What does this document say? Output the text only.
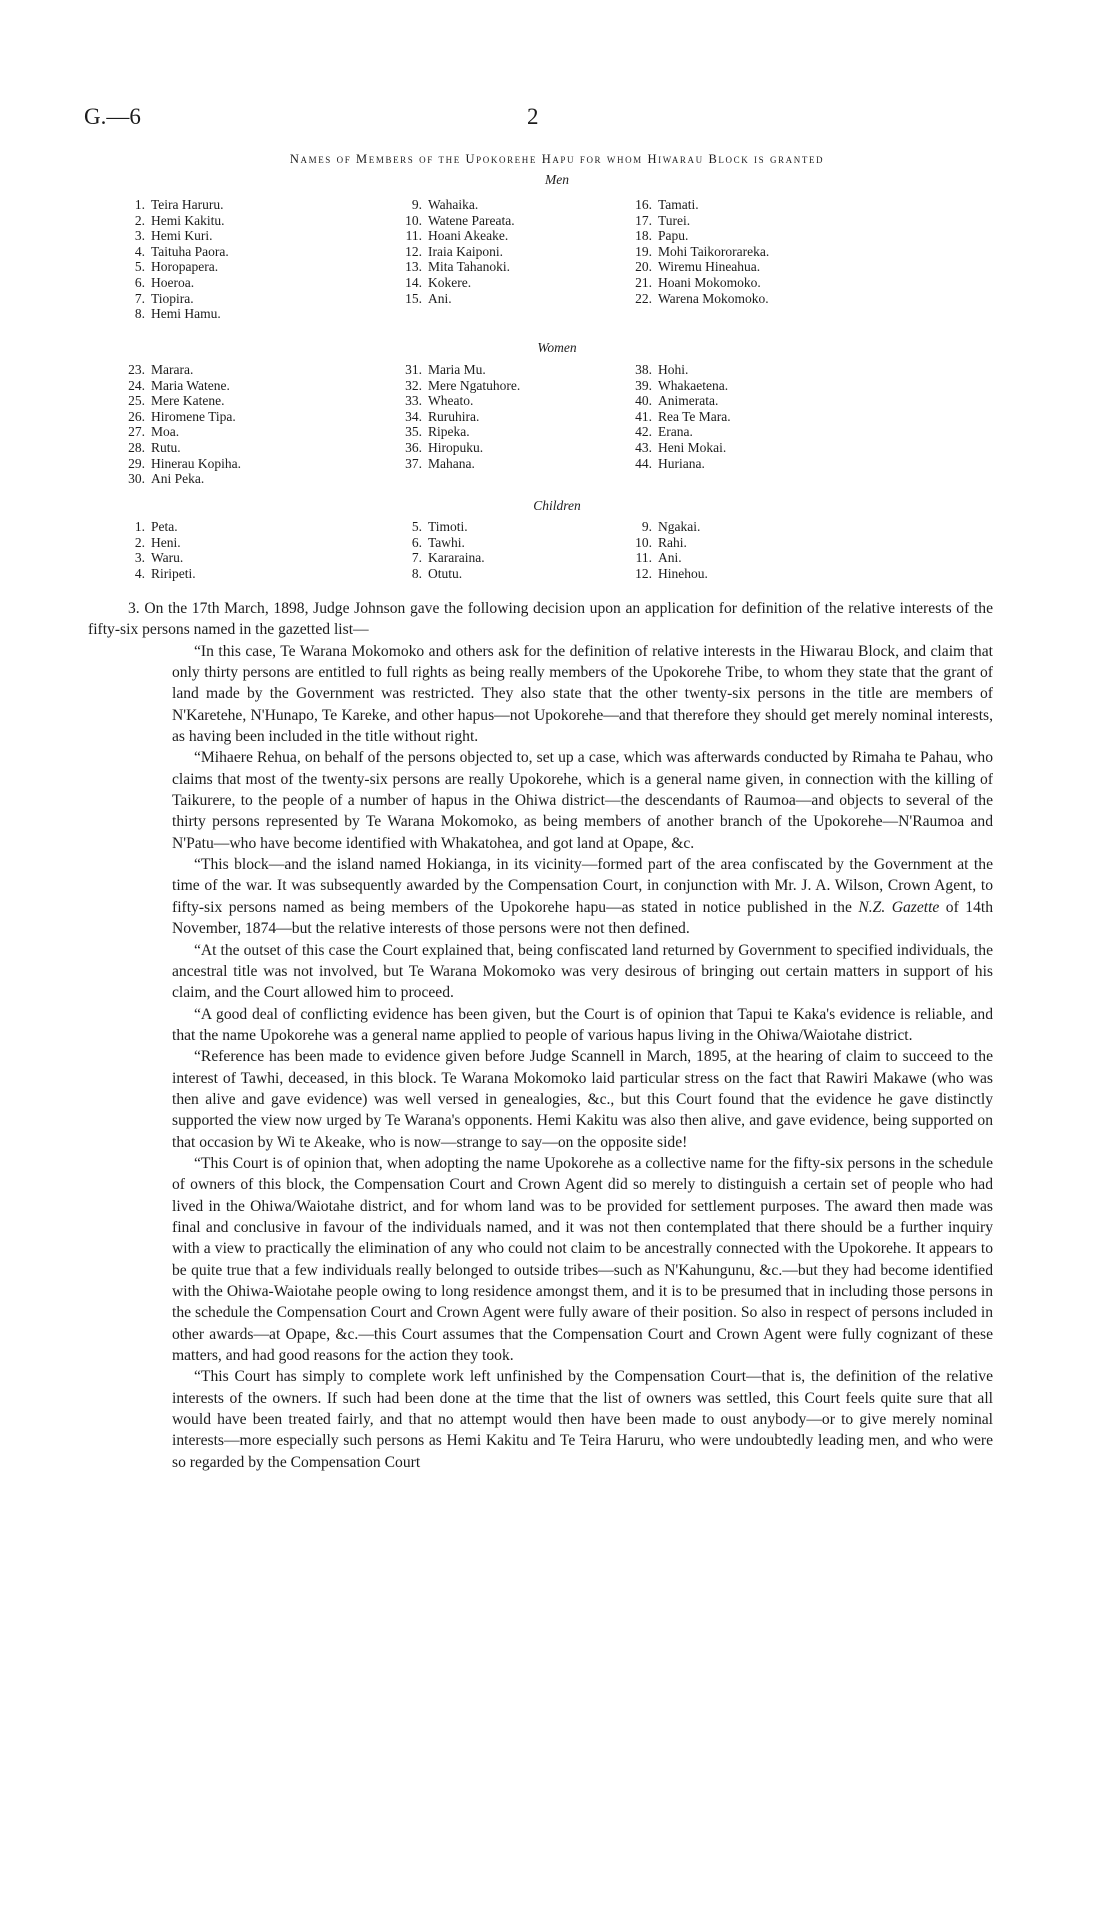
G.—6	2
Names of Members of the Upokorehe Hapu for whom Hiwarau Block is granted
Men
1. Teira Haruru.
2. Hemi Kakitu.
3. Hemi Kuri.
4. Taituha Paora.
5. Horopapera.
6. Hoeroa.
7. Tiopira.
8. Hemi Hamu.
9. Wahaika.
10. Watene Pareata.
11. Hoani Akeake.
12. Iraia Kaiponi.
13. Mita Tahanoki.
14. Kokere.
15. Ani.
16. Tamati.
17. Turei.
18. Papu.
19. Mohi Taikororareka.
20. Wiremu Hineahua.
21. Hoani Mokomoko.
22. Warena Mokomoko.
Women
23. Marara.
24. Maria Watene.
25. Mere Katene.
26. Hiromene Tipa.
27. Moa.
28. Rutu.
29. Hinerau Kopiha.
30. Ani Peka.
31. Maria Mu.
32. Mere Ngatuhore.
33. Wheato.
34. Ruruhira.
35. Ripeka.
36. Hiropuku.
37. Mahana.
38. Hohi.
39. Whakaetena.
40. Animerata.
41. Rea Te Mara.
42. Erana.
43. Heni Mokai.
44. Huriana.
Children
1. Peta.
2. Heni.
3. Waru.
4. Riripeti.
5. Timoti.
6. Tawhi.
7. Kararaina.
8. Otutu.
9. Ngakai.
10. Rahi.
11. Ani.
12. Hinehou.

3. On the 17th March, 1898, Judge Johnson gave the following decision upon an application for definition of the relative interests of the fifty-six persons named in the gazetted list—

“In this case, Te Warana Mokomoko and others ask for the definition of relative interests in the Hiwarau Block, and claim that only thirty persons are entitled to full rights as being really members of the Upokorehe Tribe, to whom they state that the grant of land made by the Government was restricted. They also state that the other twenty-six persons in the title are members of N'Karetehe, N'Hunapo, Te Kareke, and other hapus—not Upokorehe—and that therefore they should get merely nominal interests, as having been included in the title without right.

“Mihaere Rehua, on behalf of the persons objected to, set up a case, which was afterwards conducted by Rimaha te Pahau, who claims that most of the twenty-six persons are really Upokorehe, which is a general name given, in connection with the killing of Taikurere, to the people of a number of hapus in the Ohiwa district—the descendants of Raumoa—and objects to several of the thirty persons represented by Te Warana Mokomoko, as being members of another branch of the Upokorehe—N'Raumoa and N'Patu—who have become identified with Whakatohea, and got land at Opape, &c.

“This block—and the island named Hokianga, in its vicinity—formed part of the area confiscated by the Government at the time of the war. It was subsequently awarded by the Compensation Court, in conjunction with Mr. J. A. Wilson, Crown Agent, to fifty-six persons named as being members of the Upokorehe hapu—as stated in notice published in the N.Z. Gazette of 14th November, 1874—but the relative interests of those persons were not then defined.

“At the outset of this case the Court explained that, being confiscated land returned by Government to specified individuals, the ancestral title was not involved, but Te Warana Mokomoko was very desirous of bringing out certain matters in support of his claim, and the Court allowed him to proceed.

“A good deal of conflicting evidence has been given, but the Court is of opinion that Tapui te Kaka's evidence is reliable, and that the name Upokorehe was a general name applied to people of various hapus living in the Ohiwa/Waiotahe district.

“Reference has been made to evidence given before Judge Scannell in March, 1895, at the hearing of claim to succeed to the interest of Tawhi, deceased, in this block. Te Warana Mokomoko laid particular stress on the fact that Rawiri Makawe (who was then alive and gave evidence) was well versed in genealogies, &c., but this Court found that the evidence he gave distinctly supported the view now urged by Te Warana's opponents. Hemi Kakitu was also then alive, and gave evidence, being supported on that occasion by Wi te Akeake, who is now—strange to say—on the opposite side!

“This Court is of opinion that, when adopting the name Upokorehe as a collective name for the fifty-six persons in the schedule of owners of this block, the Compensation Court and Crown Agent did so merely to distinguish a certain set of people who had lived in the Ohiwa/Waiotahe district, and for whom land was to be provided for settlement purposes. The award then made was final and conclusive in favour of the individuals named, and it was not then contemplated that there should be a further inquiry with a view to practically the elimination of any who could not claim to be ancestrally connected with the Upokorehe. It appears to be quite true that a few individuals really belonged to outside tribes—such as N'Kahungunu, &c.—but they had become identified with the Ohiwa-Waiotahe people owing to long residence amongst them, and it is to be presumed that in including those persons in the schedule the Compensation Court and Crown Agent were fully aware of their position. So also in respect of persons included in other awards—at Opape, &c.—this Court assumes that the Compensation Court and Crown Agent were fully cognizant of these matters, and had good reasons for the action they took.

“This Court has simply to complete work left unfinished by the Compensation Court—that is, the definition of the relative interests of the owners. If such had been done at the time that the list of owners was settled, this Court feels quite sure that all would have been treated fairly, and that no attempt would then have been made to oust anybody—or to give merely nominal interests—more especially such persons as Hemi Kakitu and Te Teira Haruru, who were undoubtedly leading men, and who were so regarded by the Compensation Court
